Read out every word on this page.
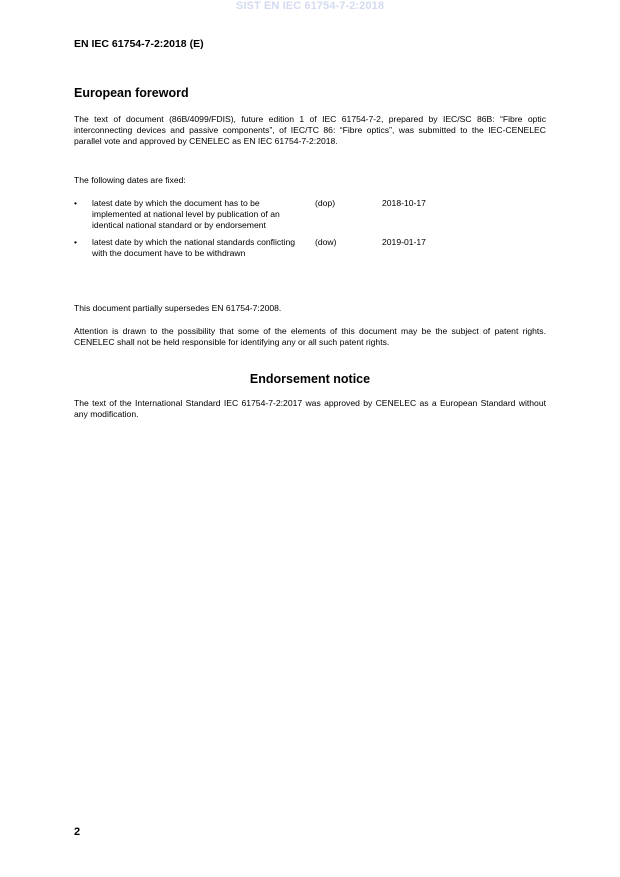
SIST EN IEC 61754-7-2:2018
EN IEC 61754-7-2:2018 (E)
European foreword

The text of document (86B/4099/FDIS), future edition 1 of IEC 61754-7-2, prepared by IEC/SC 86B: “Fibre optic interconnecting devices and passive components”, of IEC/TC 86: “Fibre optics”, was submitted to the IEC-CENELEC parallel vote and approved by CENELEC as EN IEC 61754-7-2:2018.

The following dates are fixed:

• latest date by which the document has to be implemented at national level by publication of an identical national standard or by endorsement
(dop)	2018-10-17
• latest date by which the national standards conflicting with the document have to be withdrawn
(dow)	2019-01-17

This document partially supersedes EN 61754-7:2008.

Attention is drawn to the possibility that some of the elements of this document may be the subject of patent rights. CENELEC shall not be held responsible for identifying any or all such patent rights.

Endorsement notice

The text of the International Standard IEC 61754-7-2:2017 was approved by CENELEC as a European Standard without any modification.

2
